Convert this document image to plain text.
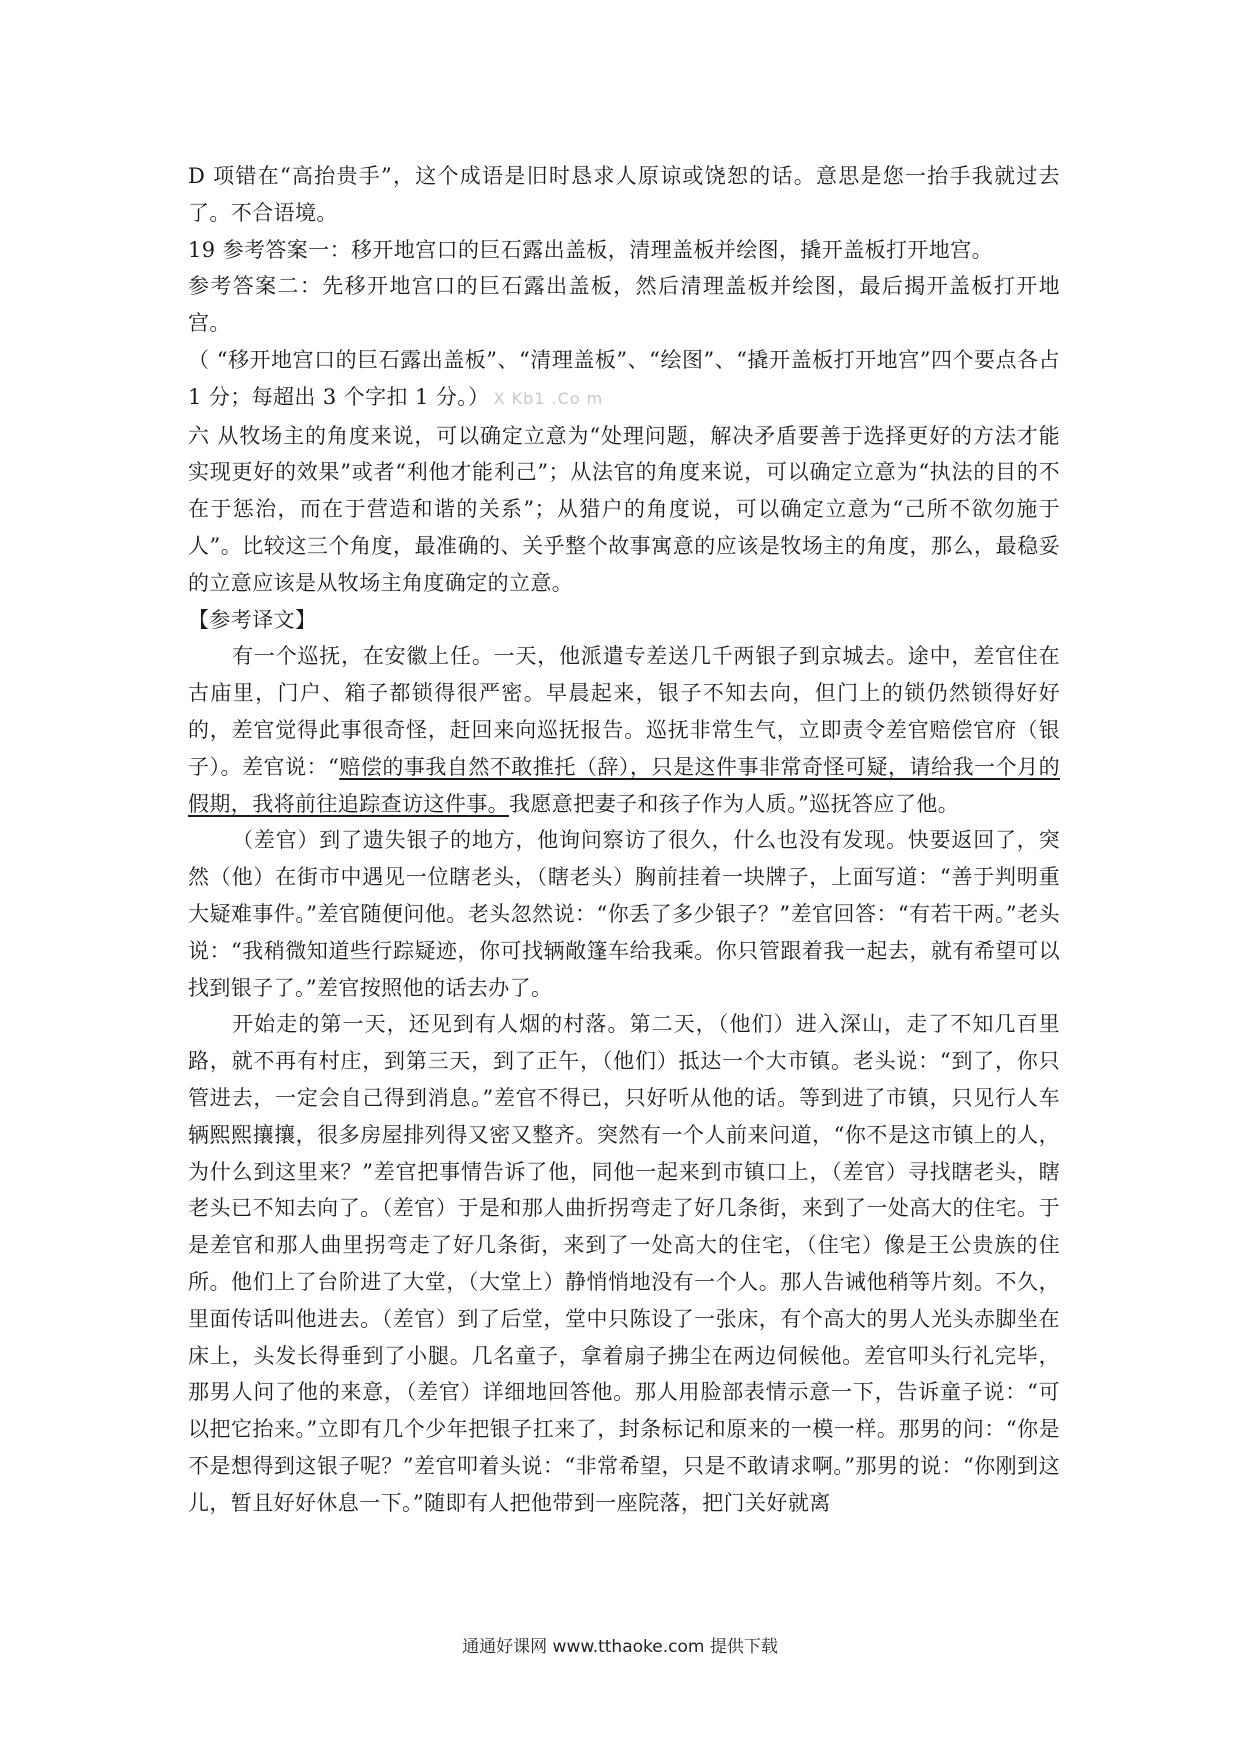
D 项错在“高抬贵手”，这个成语是旧时恳求人原谅或饶恕的话。意思是您一抬手我就过去了。不合语境。

19 参考答案一：移开地宫口的巨石露出盖板，清理盖板并绘图，撬开盖板打开地宫。

参考答案二：先移开地宫口的巨石露出盖板，然后清理盖板并绘图，最后揭开盖板打开地宫。

（ “移开地宫口的巨石露出盖板”、“清理盖板”、“绘图”、“撬开盖板打开地宫”四个要点各占 1 分；每超出 3 个字扣 1 分。） X Kb1 .Co m

六 从牧场主的角度来说，可以确定立意为“处理问题，解决矛盾要善于选择更好的方法才能实现更好的效果”或者“利他才能利己”；从法官的角度来说，可以确定立意为“执法的目的不在于惩治，而在于营造和谐的关系”；从猎户的角度说，可以确定立意为“己所不欲勿施于人”。比较这三个角度，最准确的、关乎整个故事寓意的应该是牧场主的角度，那么，最稳妥的立意应该是从牧场主角度确定的立意。

【参考译文】

有一个巡抚，在安徽上任。一天，他派遣专差送几千两银子到京城去。途中，差官住在古庙里，门户、箱子都锁得很严密。早晨起来，银子不知去向，但门上的锁仍然锁得好好的，差官觉得此事很奇怪，赶回来向巡抚报告。巡抚非常生气，立即责令差官赔偿官府（银子）。差官说：“赔偿的事我自然不敢推托（辞），只是这件事非常奇怪可疑，请给我一个月的假期，我将前往追踪查访这件事。我愿意把妻子和孩子作为人质。”巡抚答应了他。

（差官）到了遗失银子的地方，他询问察访了很久，什么也没有发现。快要返回了，突然（他）在街市中遇见一位瞎老头，（瞎老头）胸前挂着一块牌子，上面写道：“善于判明重大疑难事件。”差官随便问他。老头忽然说：“你丢了多少银子？”差官回答：“有若干两。”老头说：“我稍微知道些行踪疑迹，你可找辆敞篷车给我乘。你只管跟着我一起去，就有希望可以找到银子了。”差官按照他的话去办了。

开始走的第一天，还见到有人烟的村落。第二天，（他们）进入深山，走了不知几百里路，就不再有村庄，到第三天，到了正午，（他们）抵达一个大市镇。老头说：“到了，你只管进去，一定会自己得到消息。”差官不得已，只好听从他的话。等到进了市镇，只见行人车辆熙熙攘攘，很多房屋排列得又密又整齐。突然有一个人前来问道，“你不是这市镇上的人，为什么到这里来？”差官把事情告诉了他，同他一起来到市镇口上，（差官）寻找瞎老头，瞎老头已不知去向了。（差官）于是和那人曲折拐弯走了好几条街，来到了一处高大的住宅。于是差官和那人曲里拐弯走了好几条街，来到了一处高大的住宅，（住宅）像是王公贵族的住所。他们上了台阶进了大堂，（大堂上）静悄悄地没有一个人。那人告诫他稍等片刻。不久，里面传话叫他进去。（差官）到了后堂，堂中只陈设了一张床，有个高大的男人光头赤脚坐在床上，头发长得垂到了小腿。几名童子，拿着扇子拂尘在两边伺候他。差官叩头行礼完毕，那男人问了他的来意，（差官）详细地回答他。那人用脸部表情示意一下，告诉童子说：“可以把它抬来。”立即有几个少年把银子扛来了，封条标记和原来的一模一样。那男的问：“你是不是想得到这银子呢？”差官叩着头说：“非常希望，只是不敢请求啊。”那男的说：“你刚到这儿，暂且好好休息一下。”随即有人把他带到一座院落，把门关好就离

通通好课网 www.tthaoke.com 提供下载
